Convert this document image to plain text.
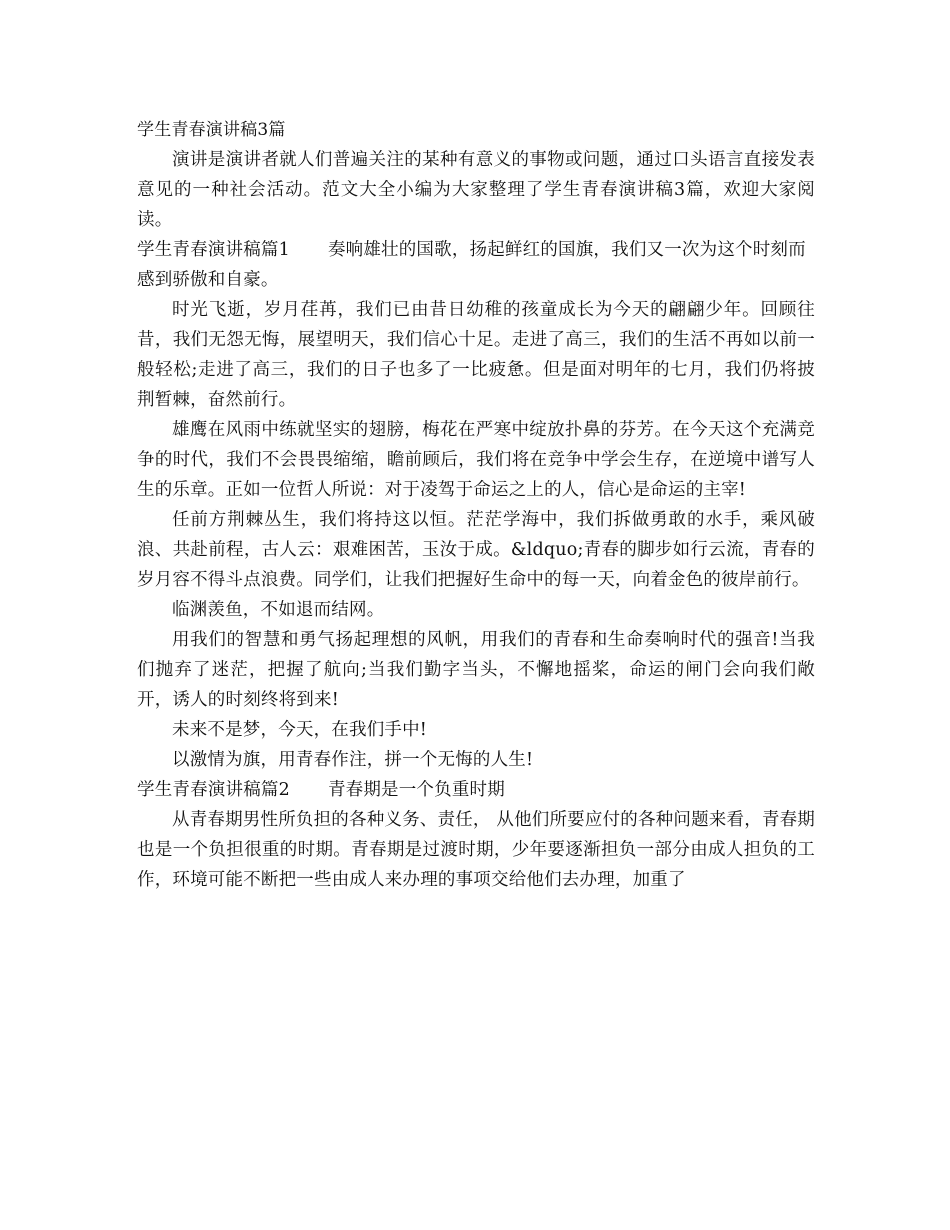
学生青春演讲稿3篇

演讲是演讲者就人们普遍关注的某种有意义的事物或问题，通过口头语言直接发表意见的一种社会活动。范文大全小编为大家整理了学生青春演讲稿3篇，欢迎大家阅读。

学生青春演讲稿篇1 奏响雄壮的国歌，扬起鲜红的国旗，我们又一次为这个时刻而感到骄傲和自豪。

时光飞逝，岁月荏苒，我们已由昔日幼稚的孩童成长为今天的翩翩少年。回顾往昔，我们无怨无悔，展望明天，我们信心十足。走进了高三，我们的生活不再如以前一般轻松;走进了高三，我们的日子也多了一比疲惫。但是面对明年的七月，我们仍将披荆暂棘，奋然前行。

雄鹰在风雨中练就坚实的翅膀，梅花在严寒中绽放扑鼻的芬芳。在今天这个充满竞争的时代，我们不会畏畏缩缩，瞻前顾后，我们将在竞争中学会生存，在逆境中谱写人生的乐章。正如一位哲人所说：对于凌驾于命运之上的人，信心是命运的主宰!

任前方荆棘丛生，我们将持这以恒。茫茫学海中，我们拆做勇敢的水手，乘风破浪、共赴前程，古人云：艰难困苦，玉汝于成。&ldquo;青春的脚步如行云流，青春的岁月容不得斗点浪费。同学们，让我们把握好生命中的每一天，向着金色的彼岸前行。

临渊羡鱼，不如退而结网。

用我们的智慧和勇气扬起理想的风帆，用我们的青春和生命奏响时代的强音!当我们抛弃了迷茫，把握了航向;当我们勤字当头，不懈地摇桨，命运的闸门会向我们敞开，诱人的时刻终将到来!

未来不是梦，今天，在我们手中!

以激情为旗，用青春作注，拼一个无悔的人生!

学生青春演讲稿篇2 青春期是一个负重时期

从青春期男性所负担的各种义务、责任， 从他们所要应付的各种问题来看，青春期也是一个负担很重的时期。青春期是过渡时期，少年要逐渐担负一部分由成人担负的工作，环境可能不断把一些由成人来办理的事项交给他们去办理，加重了
